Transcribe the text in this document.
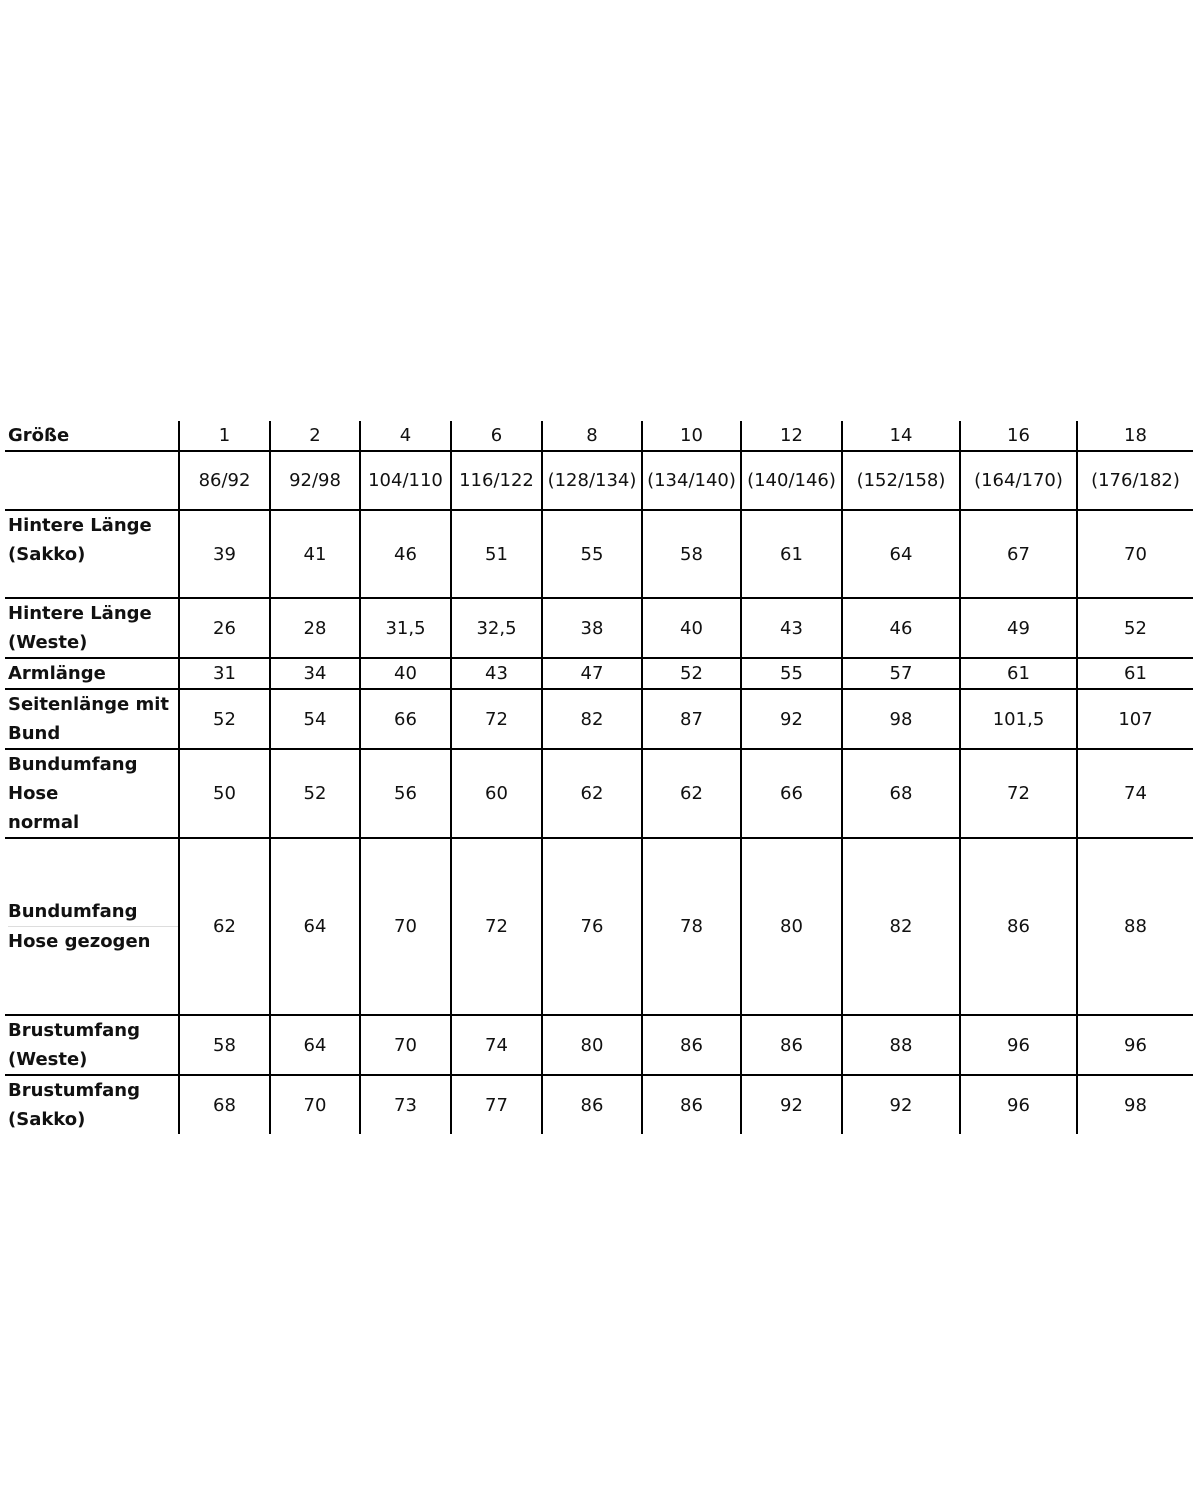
Größe	1	2	4	6	8	10	12	14	16	18
	86/92	92/98	104/110	116/122	(128/134)	(134/140)	(140/146)	(152/158)	(164/170)	(176/182)
Hintere Länge
(Sakko)	39	41	46	51	55	58	61	64	67	70
Hintere Länge
(Weste)	26	28	31,5	32,5	38	40	43	46	49	52
Armlänge	31	34	40	43	47	52	55	57	61	61
Seitenlänge mit
Bund	52	54	66	72	82	87	92	98	101,5	107
Bundumfang Hose
normal	50	52	56	60	62	62	66	68	72	74

Bundumfang

Hose gezogen	62	64	70	72	76	78	80	82	86	88
Brustumfang
(Weste)	58	64	70	74	80	86	86	88	96	96
Brustumfang
(Sakko)	68	70	73	77	86	86	92	92	96	98
